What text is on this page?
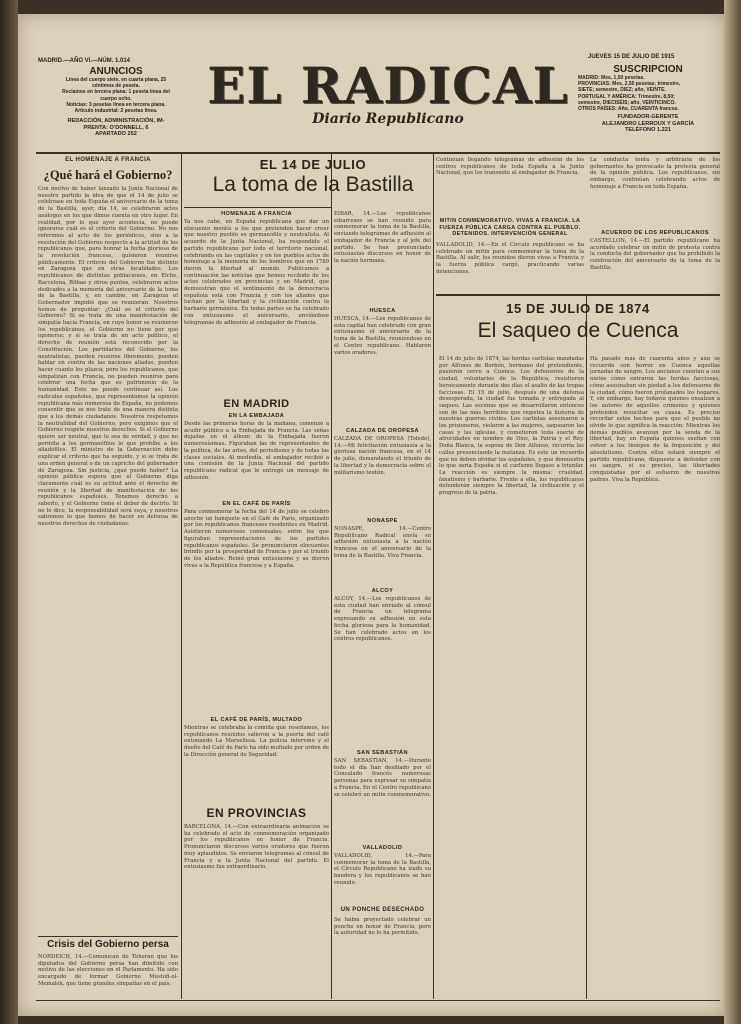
MADRID.—AÑO VI.—NÚM. 1.014
JUEVES 15 DE JULIO DE 1915
ANUNCIOS
Línea del cuerpo siete, en cuarta plana, 25
céntimos de peseta.
Reclamos en tercera plana: 1 peseta línea del
cuerpo ocho.
Noticias: 3 pesetas línea en tercera plana.
Artículo industrial: 2 pesetas línea.
REDACCIÓN, ADMINISTRACIÓN, IM-
PRENTA: O'DONNELL, 6
APARTADO 252
EL RADICAL
Diario Republicano
SUSCRIPCION
MADRID: Mes, 1,50 pesetas.
PROVINCIAS: Mes, 2,50 pesetas; trimestre,
SIETE; semestre, DIEZ; año, VEINTE.
PORTUGAL Y AMÉRICA: Trimestre, 8,50;
semestre, DIECISÉIS; año, VEINTICINCO.
OTROS PAÍSES: Año, CUARENTA francos.
FUNDADOR-GERENTE
ALEJANDRO LERROUX Y GARCÍA
TELÉFONO 1.221
EL HOMENAJE A FRANCIA
¿Qué hará el Gobierno?
Con motivo de haber lanzado la Junta Nacional de nuestro partido la idea de que el 14 de julio se celebrase en toda España el aniversario de la toma de la Bastilla, ayer, día 14, se celebraron actos análogos en los que dimos cuenta en otro lugar. En realidad, por lo que ayer acontecía, no puede ignorarse cuál es el criterio del Gobierno. No nos referimos al acto de los periódicos, sino a la resolución del Gobierno respecto a la actitud de los republicanos que, para honrar la fecha gloriosa de la revolución francesa, quisieron reunirse públicamente. El criterio del Gobierno fue distinto en Zaragoza que en otras localidades. Los republicanos de distintas poblaciones, en Elche, Barcelona, Bilbao y otros puntos, celebraron actos dedicados a la memoria del aniversario de la toma de la Bastilla, y, en cambio, en Zaragoza el Gobernador impidió que se reunieran. Nosotros hemos de preguntar: ¿Cuál es el criterio del Gobierno? Si se trata de una manifestación de simpatía hacia Francia, en cuyo honor se reunieron los republicanos, el Gobierno no tiene por qué oponerse; y si se trata de un acto político, el derecho de reunión está reconocido por la Constitución. Los partidarios del Gobierno, los neutralistas, pueden reunirse libremente, pueden hablar en contra de las naciones aliadas, pueden hacer cuanto les plazca; pero los republicanos, que simpatizan con Francia, no pueden reunirse para celebrar una fecha que es patrimonio de la humanidad. Esto no puede continuar así. Los radicales españoles, que representamos la opinión republicana más numerosa de España, no podemos consentir que se nos trate de una manera distinta que a los demás ciudadanos. Nosotros respetamos la neutralidad del Gobierno, pero exigimos que el Gobierno respete nuestros derechos. Si el Gobierno quiere ser neutral, que lo sea de verdad, y que no permita a los germanófilos lo que prohíbe a los aliadófilos. El ministro de la Gobernación debe explicar el criterio que ha seguido, y si se trata de una orden general o de un capricho del gobernador de Zaragoza. Sin justicia, ¿qué puede haber? La opinión pública espera que el Gobierno diga claramente cuál es su actitud ante el derecho de reunión y la libertad de manifestación de los republicanos españoles. Tenemos derecho a saberlo, y el Gobierno tiene el deber de decirlo. Si no lo dice, la responsabilidad será suya, y nosotros sabremos lo que hemos de hacer en defensa de nuestros derechos de ciudadanos.
Crisis del Gobierno persa
NORDEICH, 14.—Comunican de Teherán que los diputados del Gobierno persa han dimitido con motivo de las elecciones en el Parlamento. Ha sido encargado de formar Gobierno Mustofi-ol-Memalek, que tiene grandes simpatías en el país.
EL 14 DE JULIO
La toma de la Bastilla
HOMENAJE A FRANCIA
Ya nos cabe, en España republicana que dar un elocuente mentís a los que pretenden hacer creer que nuestro pueblo es germanófilo y neutralista. Al acuerdo de la Junta Nacional, ha respondido el partido republicano por todo el territorio nacional, celebrando en las capitales y en los pueblos actos de homenaje a la memoria de los hombres que en 1789 dieron la libertad al mundo. Publicamos a continuación las noticias que hemos recibido de los actos celebrados en provincias y en Madrid, que demuestran que el sentimiento de la democracia española está con Francia y con los aliados que luchan por la libertad y la civilización contra la barbarie germánica. En todas partes se ha celebrado con entusiasmo el aniversario, enviándose telegramas de adhesión al embajador de Francia.
EN MADRID
EN LA EMBAJADA
Desde las primeras horas de la mañana, comenzó a acudir público a la Embajada de Francia. Las señas dejadas en el álbum de la Embajada fueron numerosísimas. Figuraban las de representantes de la política, de las artes, del periodismo y de todas las clases sociales. Al mediodía, el embajador recibió a una comisión de la Junta Nacional del partido republicano radical que le entregó un mensaje de adhesión.
EN EL CAFÉ DE PARÍS
Para conmemorar la fecha del 14 de julio se celebró anoche un banquete en el Café de París, organizado por los republicanos franceses residentes en Madrid. Asistieron numerosos comensales, entre los que figuraban representaciones de los partidos republicanos españoles. Se pronunciaron elocuentes brindis por la prosperidad de Francia y por el triunfo de los aliados. Reinó gran entusiasmo y se dieron vivas a la República francesa y a España.
EL CAFÉ DE PARÍS, MULTADO
Mientras se celebraba la comida que reseñamos, los republicanos reunidos salieron a la puerta del café entonando La Marsellesa. La policía intervino y el dueño del Café de París ha sido multado por orden de la Dirección general de Seguridad.
EN PROVINCIAS
BARCELONA, 14.—Con extraordinaria animación se ha celebrado el acto de conmemoración organizado por los republicanos en honor de Francia. Pronunciaron discursos varios oradores que fueron muy aplaudidos. Se enviaron telegramas al cónsul de Francia y a la Junta Nacional del partido. El entusiasmo fue extraordinario.
EIBAR, 14.—Los republicanos eibarreses se han reunido para conmemorar la toma de la Bastilla, enviando telegramas de adhesión al embajador de Francia y al jefe del partido. Se han pronunciado entusiastas discursos en honor de la nación hermana.
HUESCA
HUESCA, 14.—Los republicanos de esta capital han celebrado con gran entusiasmo el aniversario de la toma de la Bastilla, reuniéndose en el Centro republicano. Hablaron varios oradores.
CALZADA DE OROPESA
CALZADA DE OROPESA (Toledo), 14.—Mi felicitación entusiasta a la gloriosa nación francesa, en el 14 de julio, demandando el triunfo de la libertad y la democracia sobre el militarismo teutón.
NONASPE
NONASPE, 14.—Centro Republicano Radical envía su adhesión entusiasta a la nación francesa en el aniversario de la toma de la Bastilla. Viva Francia.
ALCOY
ALCOY, 14.—Los republicanos de esta ciudad han enviado al cónsul de Francia un telegrama expresando su adhesión en esta fecha gloriosa para la humanidad. Se han celebrado actos en los centros republicanos.
SAN SEBASTIÁN
SAN SEBASTIÁN, 14.—Durante todo el día han desfilado por el Consulado francés numerosas personas para expresar su simpatía a Francia. En el Centro republicano se celebró un mitin conmemorativo.
VALLADOLID
VALLADOLID, 14.—Para conmemorar la toma de la Bastilla, el Círculo Republicano ha izado su bandera y los republicanos se han reunido.
UN PONCHE DESECHADO
Se había proyectado celebrar un ponche en honor de Francia, pero la autoridad no lo ha permitido.
Continúan llegando telegramas de adhesión de los centros republicanos de toda España a la Junta Nacional, que los transmite al embajador de Francia.
MITIN CONMEMORATIVO. VIVAS A FRANCIA. LA FUERZA PÚBLICA CARGA CONTRA EL PUEBLO. DETENIDOS. INTERVENCIÓN GENERAL
VALLADOLID, 14.—En el Círculo republicano se ha celebrado un mitin para conmemorar la toma de la Bastilla. Al salir, los reunidos dieron vivas a Francia y la fuerza pública cargó, practicando varias detenciones.
La conducta tonta y arbitraria de los gobernantes ha provocado la protesta general de la opinión pública. Los republicanos, sin embargo, continúan celebrando actos de homenaje a Francia en toda España.
ACUERDO DE LOS REPUBLICANOS
CASTELLÓN, 14.—El partido republicano ha acordado celebrar un mitin de protesta contra la conducta del gobernador que ha prohibido la celebración del aniversario de la toma de la Bastilla.
15 DE JULIO DE 1874
El saqueo de Cuenca
El 14 de julio de 1874, las hordas carlistas mandadas por Alfonso de Borbón, hermano del pretendiente, pusieron cerco a Cuenca. Los defensores de la ciudad, voluntarios de la República, resistieron heroicamente durante dos días el asalto de las tropas facciosas. El 15 de julio, después de una defensa desesperada, la ciudad fue tomada y entregada al saqueo. Las escenas que se desarrollaron entonces son de las más horribles que registra la historia de nuestras guerras civiles. Los carlistas asesinaron a los prisioneros, violaron a las mujeres, saquearon las casas y las iglesias, y cometieron toda suerte de atrocidades en nombre de Dios, la Patria y el Rey. Doña Blanca, la esposa de Don Alfonso, recorría las calles presenciando la matanza. Es este un recuerdo que no deben olvidar los españoles, y que demuestra lo que sería España si el carlismo llegase a triunfar. La reacción es siempre la misma: crueldad, fanatismo y barbarie. Frente a ella, los republicanos defenderán siempre la libertad, la civilización y el progreso de la patria.
Ha pasado más de cuarenta años y aún se recuerda con horror en Cuenca aquellas jornadas de sangre. Los ancianos cuentan a sus nietos cómo entraron las hordas facciosas, cómo asesinaban sin piedad a los defensores de la ciudad, cómo fueron profanados los hogares. Y, sin embargo, hay todavía quienes ensalzan a los autores de aquellos crímenes y quienes pretenden resucitar su causa. Es preciso recordar estos hechos para que el pueblo no olvide lo que significa la reacción. Mientras los demás pueblos avanzan por la senda de la libertad, hay en España quienes sueñan con volver a los tiempos de la Inquisición y del absolutismo. Contra ellos estará siempre el partido republicano, dispuesto a defender con su sangre, si es preciso, las libertades conquistadas por el esfuerzo de nuestros padres. Viva la República.
